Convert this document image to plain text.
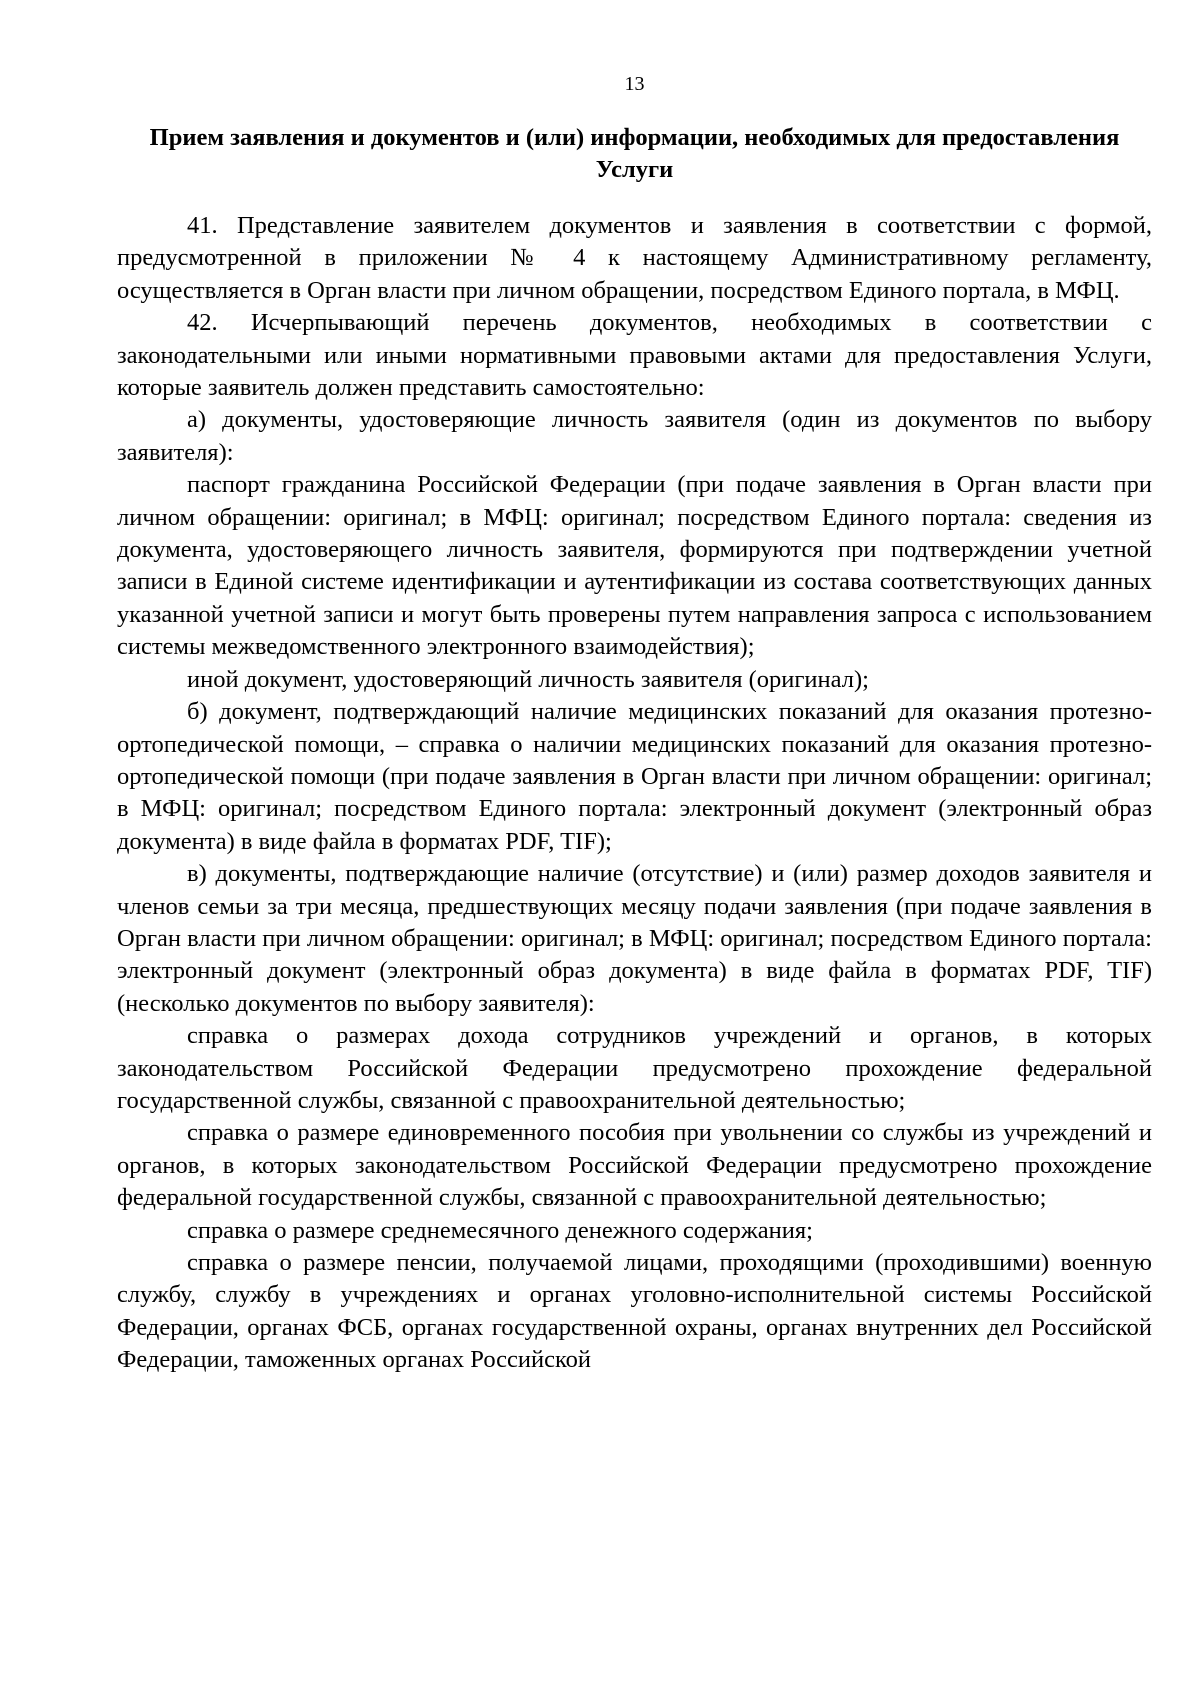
13
Прием заявления и документов и (или) информации, необходимых для предоставления Услуги

41. Представление заявителем документов и заявления в соответствии с формой, предусмотренной в приложении № 4 к настоящему Административному регламенту, осуществляется в Орган власти при личном обращении, посредством Единого портала, в МФЦ.

42. Исчерпывающий перечень документов, необходимых в соответствии с законодательными или иными нормативными правовыми актами для предоставления Услуги, которые заявитель должен представить самостоятельно:

а) документы, удостоверяющие личность заявителя (один из документов по выбору заявителя):

паспорт гражданина Российской Федерации (при подаче заявления в Орган власти при личном обращении: оригинал; в МФЦ: оригинал; посредством Единого портала: сведения из документа, удостоверяющего личность заявителя, формируются при подтверждении учетной записи в Единой системе идентификации и аутентификации из состава соответствующих данных указанной учетной записи и могут быть проверены путем направления запроса с использованием системы межведомственного электронного взаимодействия);

иной документ, удостоверяющий личность заявителя (оригинал);

б) документ, подтверждающий наличие медицинских показаний для оказания протезно-ортопедической помощи, – справка о наличии медицинских показаний для оказания протезно-ортопедической помощи (при подаче заявления в Орган власти при личном обращении: оригинал; в МФЦ: оригинал; посредством Единого портала: электронный документ (электронный образ документа) в виде файла в форматах PDF, TIF);

в) документы, подтверждающие наличие (отсутствие) и (или) размер доходов заявителя и членов семьи за три месяца, предшествующих месяцу подачи заявления (при подаче заявления в Орган власти при личном обращении: оригинал; в МФЦ: оригинал; посредством Единого портала: электронный документ (электронный образ документа) в виде файла в форматах PDF, TIF) (несколько документов по выбору заявителя):

справка о размерах дохода сотрудников учреждений и органов, в которых законодательством Российской Федерации предусмотрено прохождение федеральной государственной службы, связанной с правоохранительной деятельностью;

справка о размере единовременного пособия при увольнении со службы из учреждений и органов, в которых законодательством Российской Федерации предусмотрено прохождение федеральной государственной службы, связанной с правоохранительной деятельностью;

справка о размере среднемесячного денежного содержания;

справка о размере пенсии, получаемой лицами, проходящими (проходившими) военную службу, службу в учреждениях и органах уголовно-исполнительной системы Российской Федерации, органах ФСБ, органах государственной охраны, органах внутренних дел Российской Федерации, таможенных органах Российской
